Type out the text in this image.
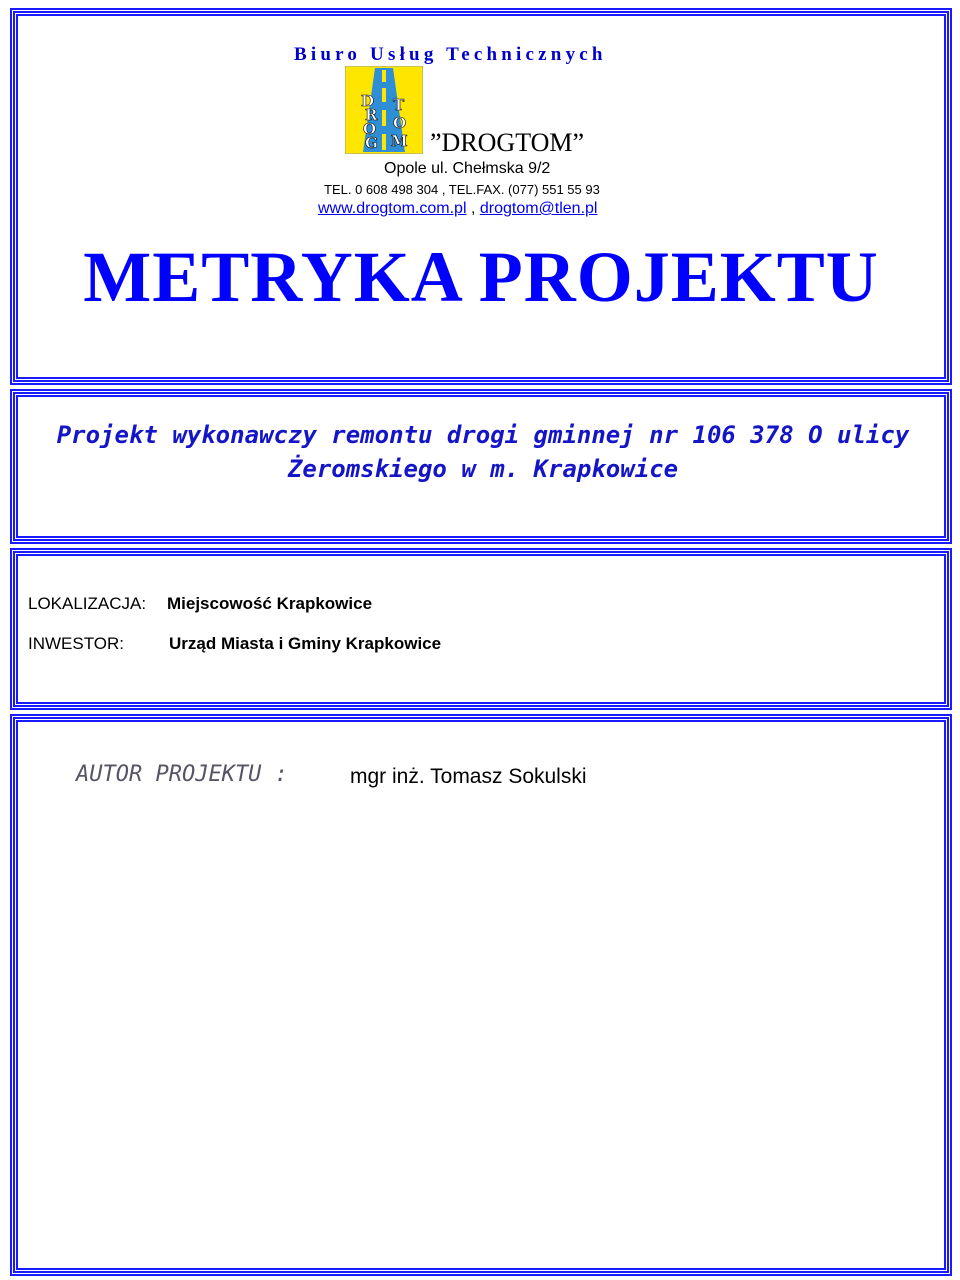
Biuro Usług Technicznych
D
R
O
G
T
O
M ”DROGTOM”
Opole ul. Chełmska 9/2
TEL. 0 608 498 304 , TEL.FAX. (077) 551 55 93
www.drogtom.com.pl , drogtom@tlen.pl
METRYKA PROJEKTU
Projekt wykonawczy remontu drogi gminnej nr 106 378 O ulicy Żeromskiego w m. Krapkowice
LOKALIZACJA: Miejscowość Krapkowice
INWESTOR:	Urząd Miasta i Gminy Krapkowice
AUTOR PROJEKTU :	mgr inż. Tomasz Sokulski
